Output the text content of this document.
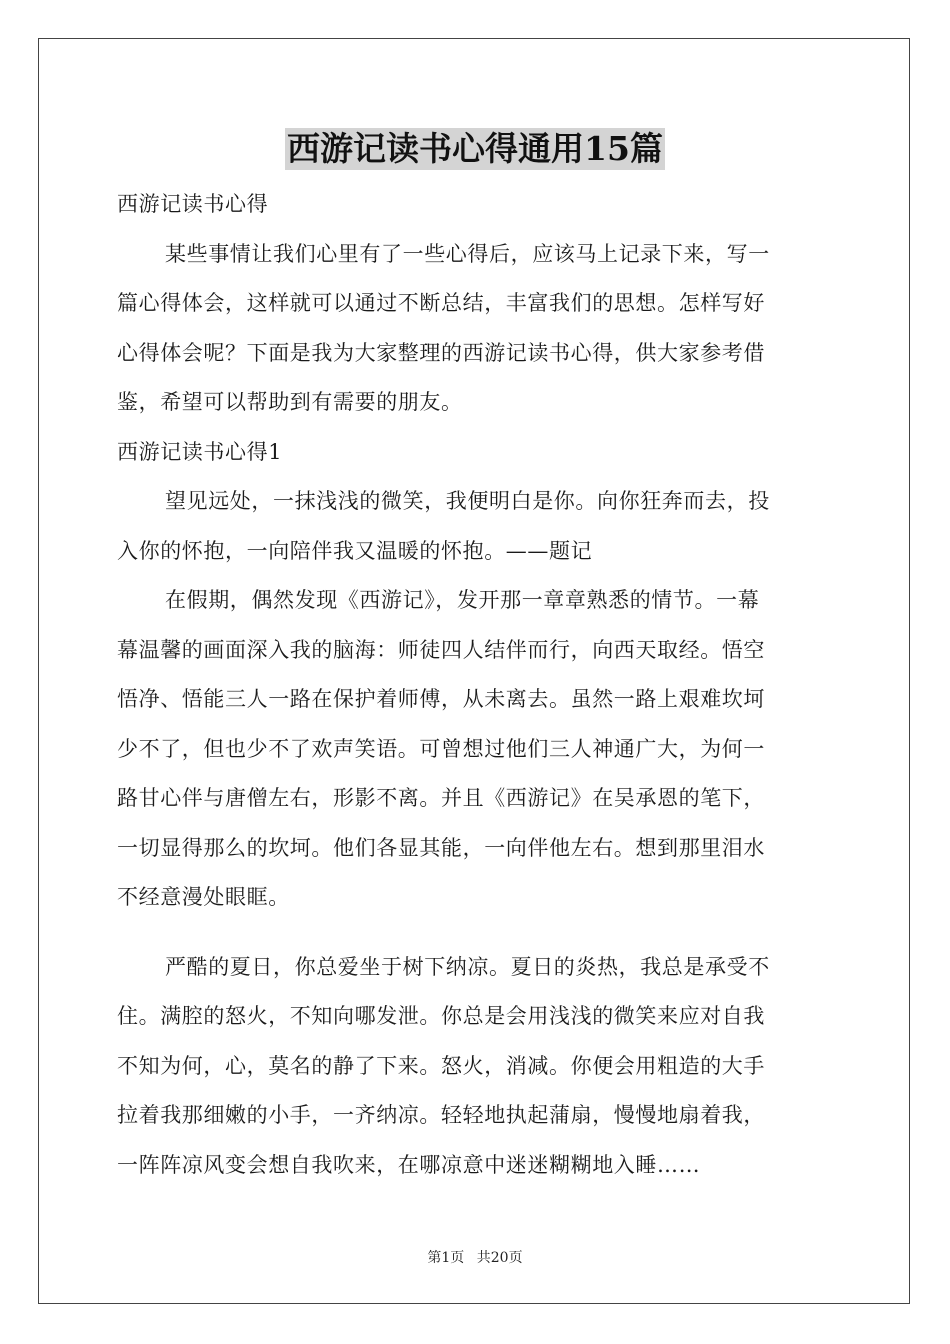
西游记读书心得通用15篇
西游记读书心得
某些事情让我们心里有了一些心得后，应该马上记录下来，写一
篇心得体会，这样就可以通过不断总结，丰富我们的思想。怎样写好
心得体会呢？下面是我为大家整理的西游记读书心得，供大家参考借
鉴，希望可以帮助到有需要的朋友。
西游记读书心得1
望见远处，一抹浅浅的微笑，我便明白是你。向你狂奔而去，投
入你的怀抱，一向陪伴我又温暖的怀抱。——题记
在假期，偶然发现《西游记》，发开那一章章熟悉的情节。一幕
幕温馨的画面深入我的脑海：师徒四人结伴而行，向西天取经。悟空
悟净、悟能三人一路在保护着师傅，从未离去。虽然一路上艰难坎坷
少不了，但也少不了欢声笑语。可曾想过他们三人神通广大，为何一
路甘心伴与唐僧左右，形影不离。并且《西游记》在吴承恩的笔下，
一切显得那么的坎坷。他们各显其能，一向伴他左右。想到那里泪水
不经意漫处眼眶。
严酷的夏日，你总爱坐于树下纳凉。夏日的炎热，我总是承受不
住。满腔的怒火，不知向哪发泄。你总是会用浅浅的微笑来应对自我
不知为何，心，莫名的静了下来。怒火，消减。你便会用粗造的大手
拉着我那细嫩的小手，一齐纳凉。轻轻地执起蒲扇，慢慢地扇着我，
一阵阵凉风变会想自我吹来，在哪凉意中迷迷糊糊地入睡……
第1页 共20页
